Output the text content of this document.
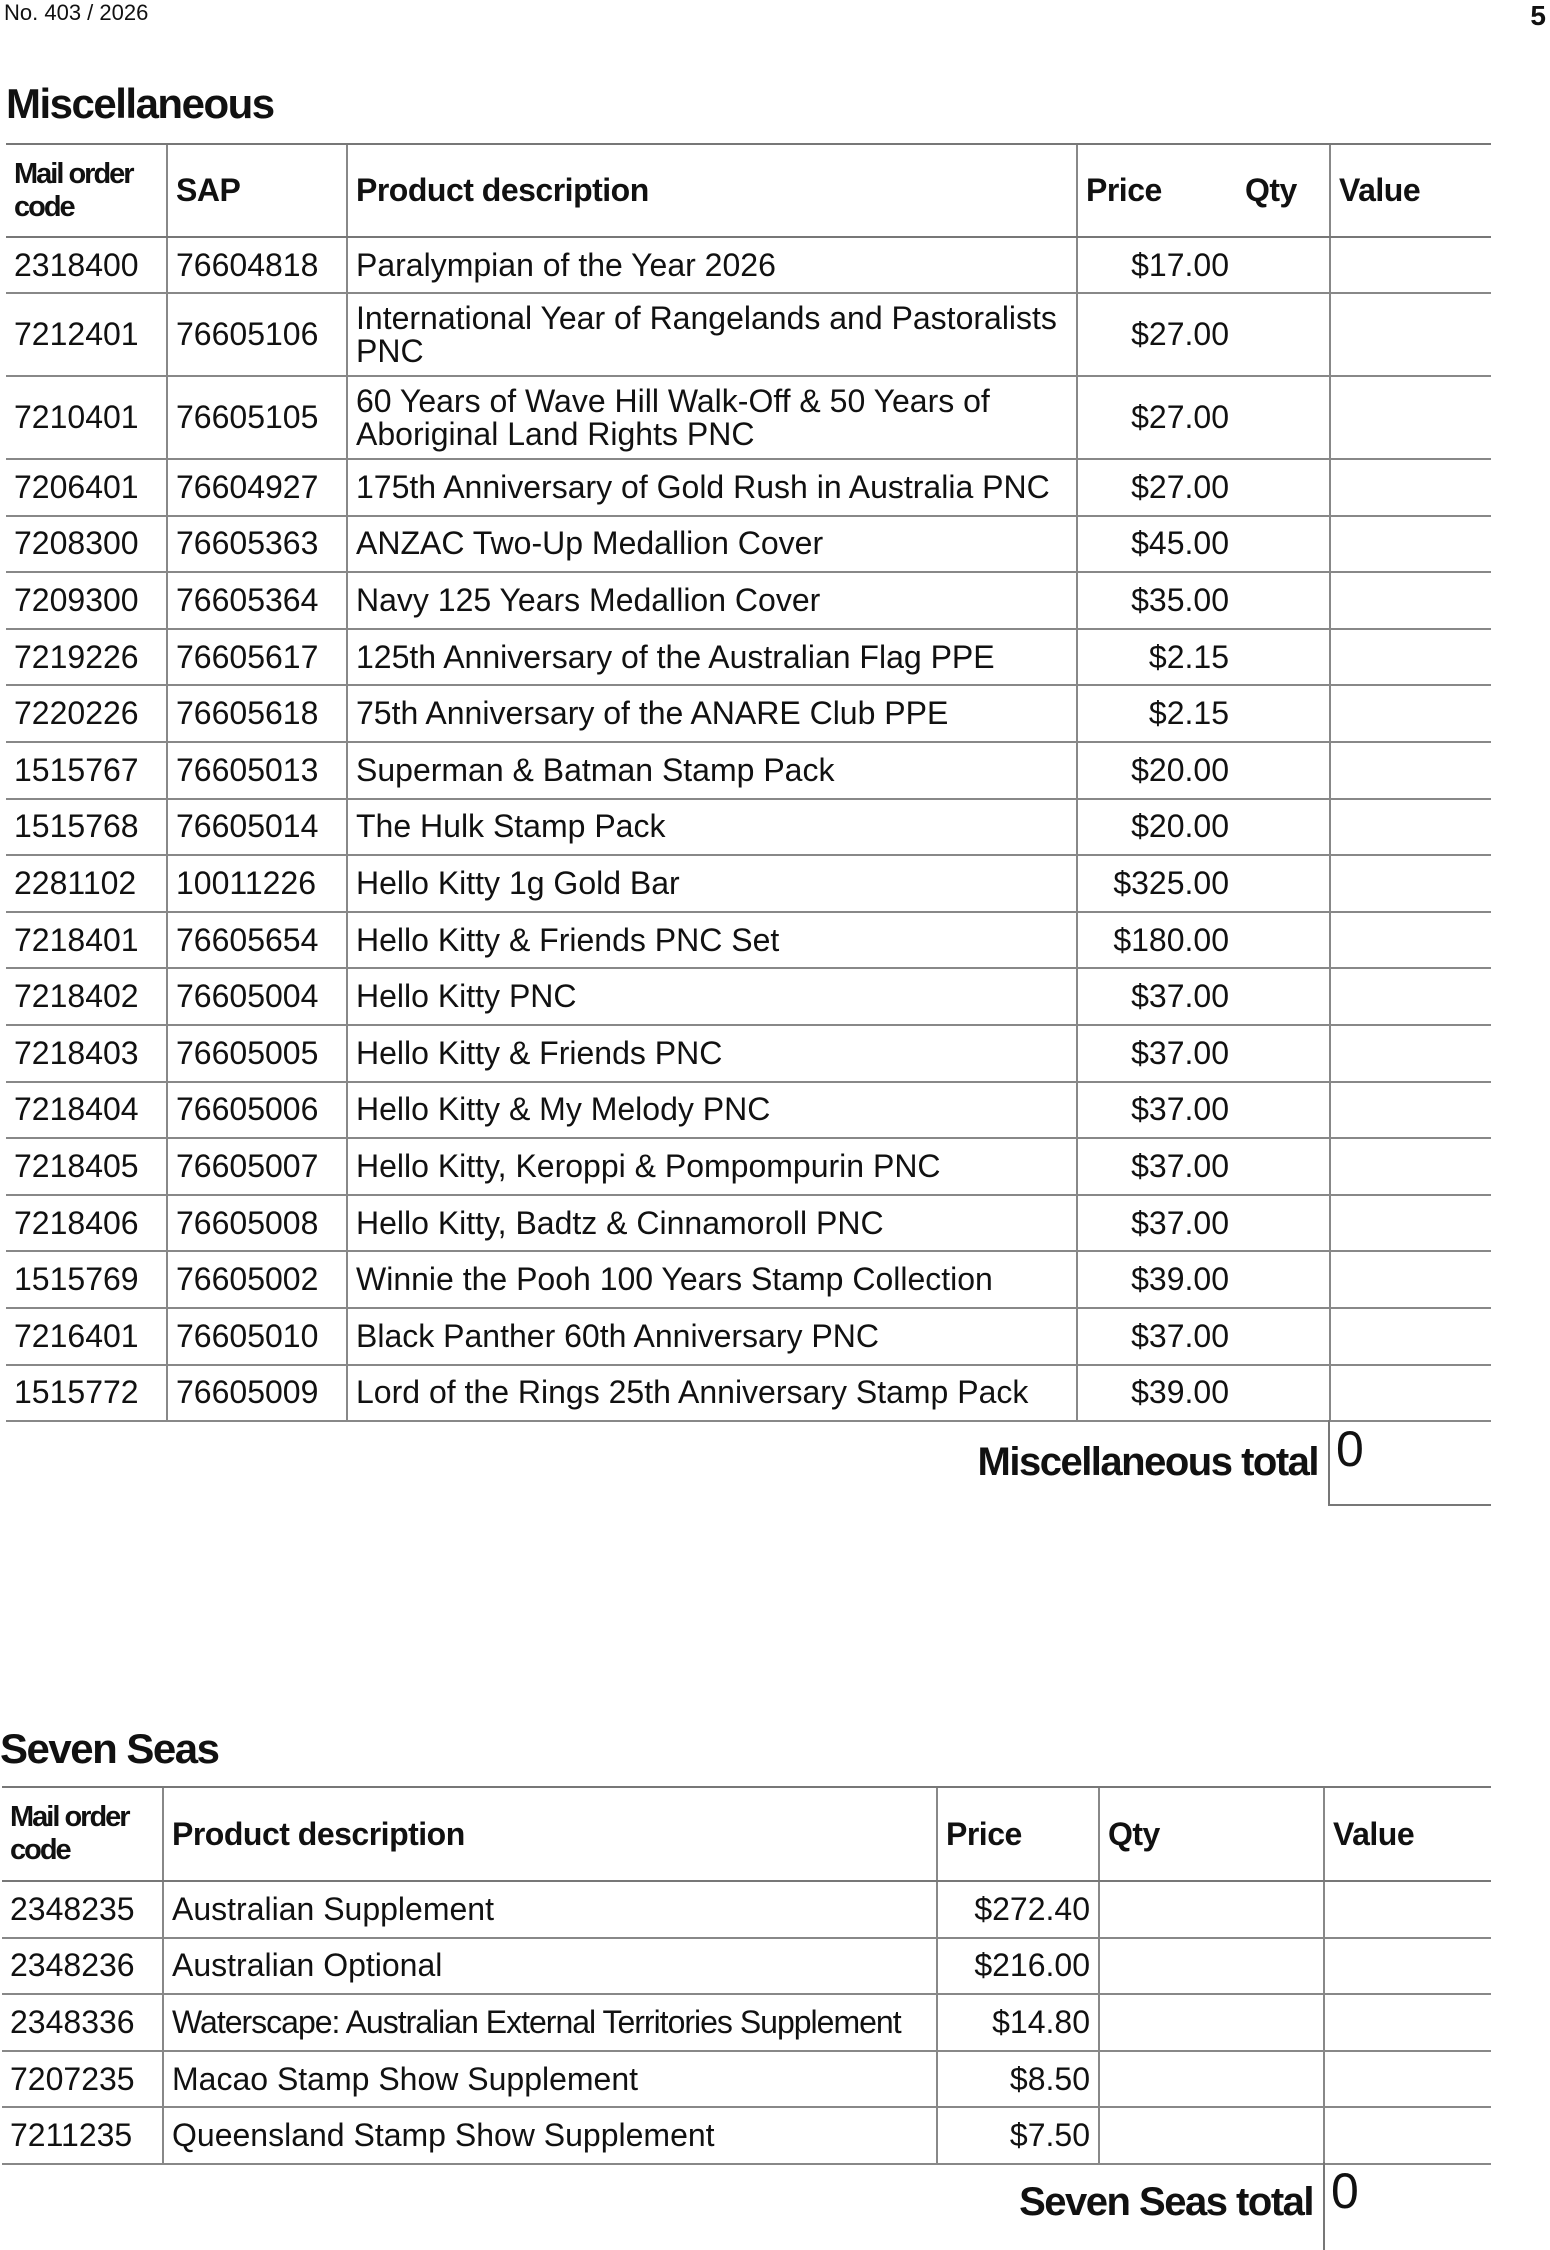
No. 403 / 2026	5
Miscellaneous
Mail order code	SAP	Product description	Price	Qty	Value
2318400	76604818	Paralympian of the Year 2026	$17.00		
7212401	76605106	International Year of Rangelands and Pastoralists PNC	$27.00		
7210401	76605105	60 Years of Wave Hill Walk-Off & 50 Years of Aboriginal Land Rights PNC	$27.00		
7206401	76604927	175th Anniversary of Gold Rush in Australia PNC	$27.00		
7208300	76605363	ANZAC Two-Up Medallion Cover	$45.00		
7209300	76605364	Navy 125 Years Medallion Cover	$35.00		
7219226	76605617	125th Anniversary of the Australian Flag PPE	$2.15		
7220226	76605618	75th Anniversary of the ANARE Club PPE	$2.15		
1515767	76605013	Superman & Batman Stamp Pack	$20.00		
1515768	76605014	The Hulk Stamp Pack	$20.00		
2281102	10011226	Hello Kitty 1g Gold Bar	$325.00		
7218401	76605654	Hello Kitty & Friends PNC Set	$180.00		
7218402	76605004	Hello Kitty PNC	$37.00		
7218403	76605005	Hello Kitty & Friends PNC	$37.00		
7218404	76605006	Hello Kitty & My Melody PNC	$37.00		
7218405	76605007	Hello Kitty, Keroppi & Pompompurin PNC	$37.00		
7218406	76605008	Hello Kitty, Badtz & Cinnamoroll PNC	$37.00		
1515769	76605002	Winnie the Pooh 100 Years Stamp Collection	$39.00		
7216401	76605010	Black Panther 60th Anniversary PNC	$37.00		
1515772	76605009	Lord of the Rings 25th Anniversary Stamp Pack	$39.00		
Miscellaneous total 0
Seven Seas
Mail order code	Product description	Price	Qty	Value
2348235	Australian Supplement	$272.40		
2348236	Australian Optional	$216.00		
2348336	Waterscape: Australian External Territories Supplement	$14.80		
7207235	Macao Stamp Show Supplement	$8.50		
7211235	Queensland Stamp Show Supplement	$7.50		
Seven Seas total 0
